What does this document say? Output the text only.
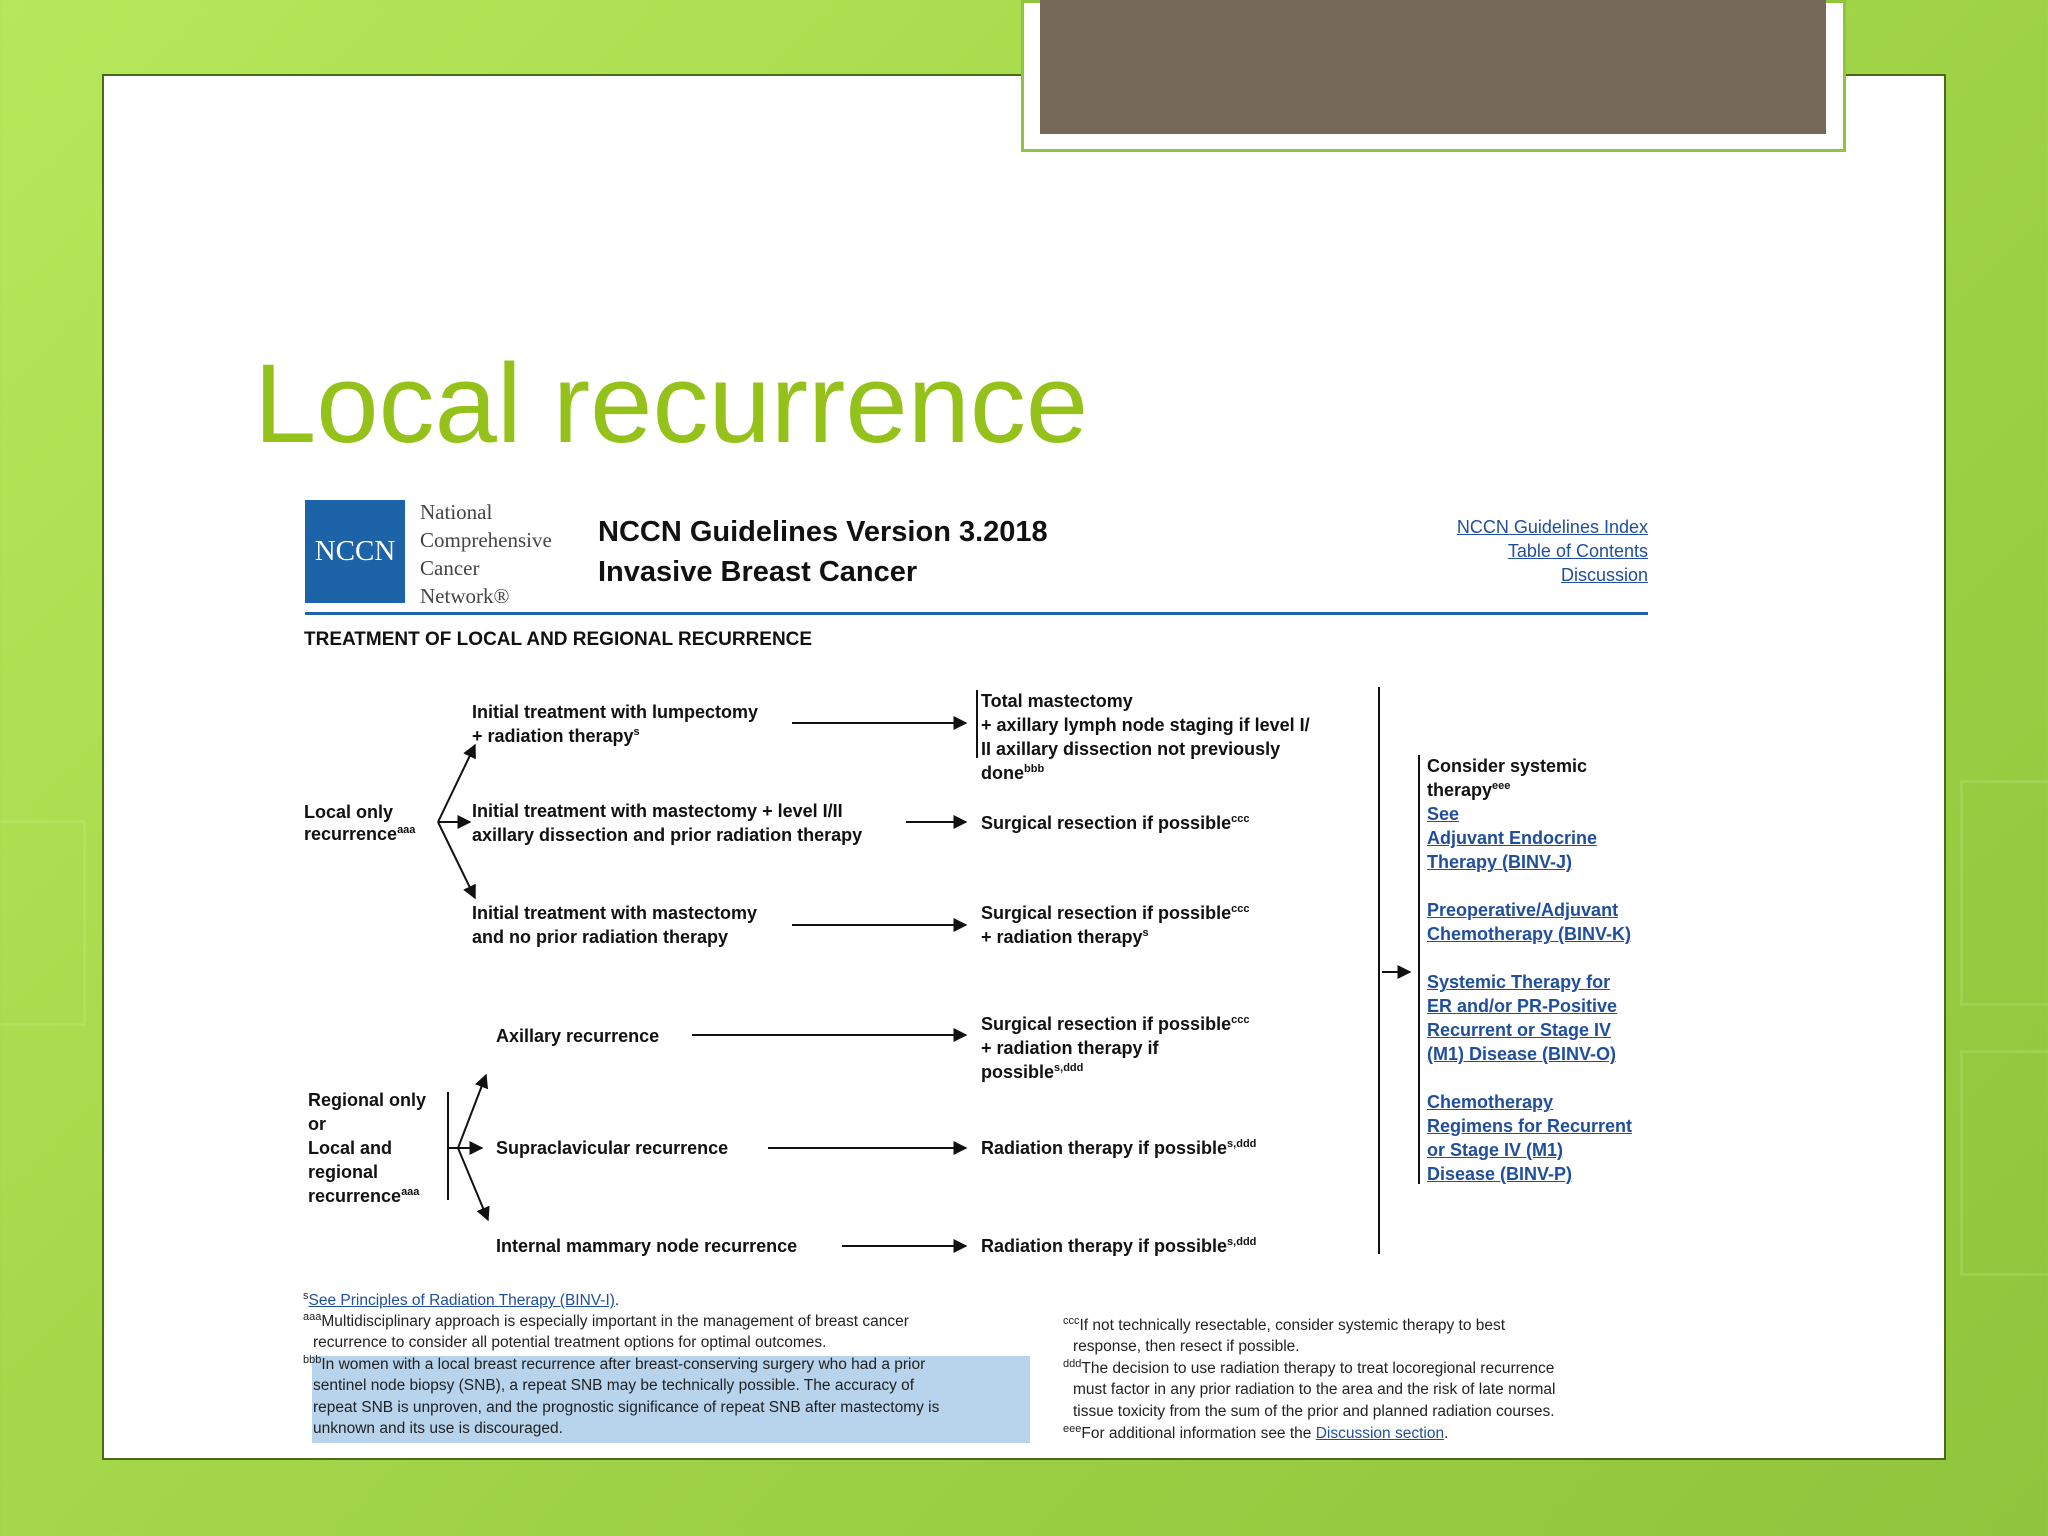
Local recurrence
NCCN
National
Comprehensive
Cancer
Network®
NCCN Guidelines Version 3.2018
Invasive Breast Cancer
NCCN Guidelines Index
Table of Contents
Discussion
TREATMENT OF LOCAL AND REGIONAL RECURRENCE
Local only
recurrence$^{aaa}$
Initial treatment with lumpectomy
+ radiation therapy$^s$
Initial treatment with mastectomy + level I/II
axillary dissection and prior radiation therapy
Initial treatment with mastectomy
and no prior radiation therapy
Total mastectomy
+ axillary lymph node staging if level I/
II axillary dissection not previously
done$^{bbb}$
Surgical resection if possible$^{ccc}$
Surgical resection if possible$^{ccc}$
+ radiation therapy$^s$
Regional only
or
Local and
regional
recurrence$^{aaa}$
Axillary recurrence
Supraclavicular recurrence
Internal mammary node recurrence
Surgical resection if possible$^{ccc}$
+ radiation therapy if
possible$^{s,ddd}$
Radiation therapy if possible$^{s,ddd}$
Radiation therapy if possible$^{s,ddd}$
Consider systemic
therapy$^{eee}$
See
Adjuvant Endocrine
Therapy (BINV-J)
Preoperative/Adjuvant
Chemotherapy (BINV-K)
Systemic Therapy for
ER and/or PR-Positive
Recurrent or Stage IV
(M1) Disease (BINV-O)
Chemotherapy
Regimens for Recurrent
or Stage IV (M1)
Disease (BINV-P)
$^s$See Principles of Radiation Therapy (BINV-I).
$^{aaa}$Multidisciplinary approach is especially important in the management of breast cancer
recurrence to consider all potential treatment options for optimal outcomes.
$^{bbb}$In women with a local breast recurrence after breast-conserving surgery who had a prior
sentinel node biopsy (SNB), a repeat SNB may be technically possible. The accuracy of
repeat SNB is unproven, and the prognostic significance of repeat SNB after mastectomy is
unknown and its use is discouraged.
$^{ccc}$If not technically resectable, consider systemic therapy to best
response, then resect if possible.
$^{ddd}$The decision to use radiation therapy to treat locoregional recurrence
must factor in any prior radiation to the area and the risk of late normal
tissue toxicity from the sum of the prior and planned radiation courses.
$^{eee}$For additional information see the Discussion section.
